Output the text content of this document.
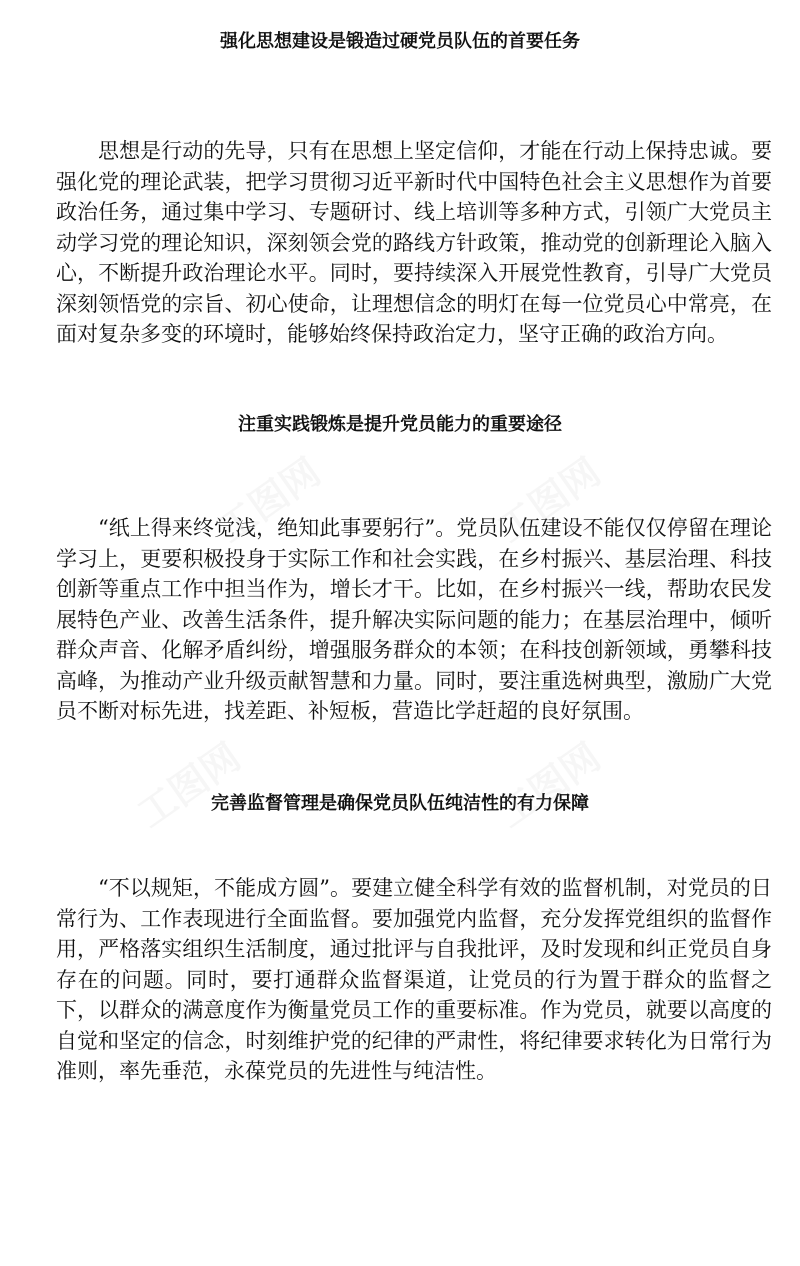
强化思想建设是锻造过硬党员队伍的首要任务

思想是行动的先导，只有在思想上坚定信仰，才能在行动上保持忠诚。要强化党的理论武装，把学习贯彻习近平新时代中国特色社会主义思想作为首要政治任务，通过集中学习、专题研讨、线上培训等多种方式，引领广大党员主动学习党的理论知识，深刻领会党的路线方针政策，推动党的创新理论入脑入心，不断提升政治理论水平。同时，要持续深入开展党性教育，引导广大党员深刻领悟党的宗旨、初心使命，让理想信念的明灯在每一位党员心中常亮，在面对复杂多变的环境时，能够始终保持政治定力，坚守正确的政治方向。

注重实践锻炼是提升党员能力的重要途径

“纸上得来终觉浅，绝知此事要躬行”。党员队伍建设不能仅仅停留在理论学习上，更要积极投身于实际工作和社会实践，在乡村振兴、基层治理、科技创新等重点工作中担当作为，增长才干。比如，在乡村振兴一线，帮助农民发展特色产业、改善生活条件，提升解决实际问题的能力；在基层治理中，倾听群众声音、化解矛盾纠纷，增强服务群众的本领；在科技创新领域，勇攀科技高峰，为推动产业升级贡献智慧和力量。同时，要注重选树典型，激励广大党员不断对标先进，找差距、补短板，营造比学赶超的良好氛围。

完善监督管理是确保党员队伍纯洁性的有力保障

“不以规矩，不能成方圆”。要建立健全科学有效的监督机制，对党员的日常行为、工作表现进行全面监督。要加强党内监督，充分发挥党组织的监督作用，严格落实组织生活制度，通过批评与自我批评，及时发现和纠正党员自身存在的问题。同时，要打通群众监督渠道，让党员的行为置于群众的监督之下，以群众的满意度作为衡量党员工作的重要标准。作为党员，就要以高度的自觉和坚定的信念，时刻维护党的纪律的严肃性，将纪律要求转化为日常行为准则，率先垂范，永葆党员的先进性与纯洁性。

工图网	工图网
工图网	工图网
